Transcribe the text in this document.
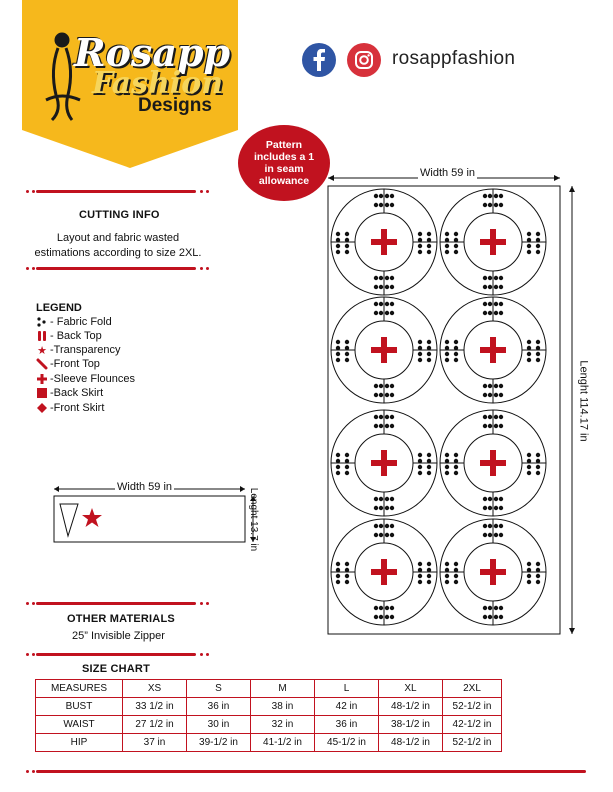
Rosapp
Fashion
Designs
rosappfashion
Pattern includes a 1 in seam allowance
CUTTING INFO
Layout and fabric wasted estimations according to size 2XL.
LEGEND
- Fabric Fold
- Back Top
★ -Transparency
-Front Top
-Sleeve Flounces
-Back Skirt
-Front Skirt
Width 59 in
Lenght 13.7 in
Width 59 in
Lenght 114.17 in
OTHER MATERIALS
25” Invisible Zipper
SIZE CHART
MEASURES	XS	S	M	L	XL	2XL
BUST	33 1/2 in	36 in	38 in	42 in	48-1/2 in	52-1/2 in
WAIST	27 1/2 in	30 in	32 in	36 in	38-1/2 in	42-1/2 in
HIP	37 in	39-1/2 in	41-1/2 in	45-1/2 in	48-1/2 in	52-1/2 in
